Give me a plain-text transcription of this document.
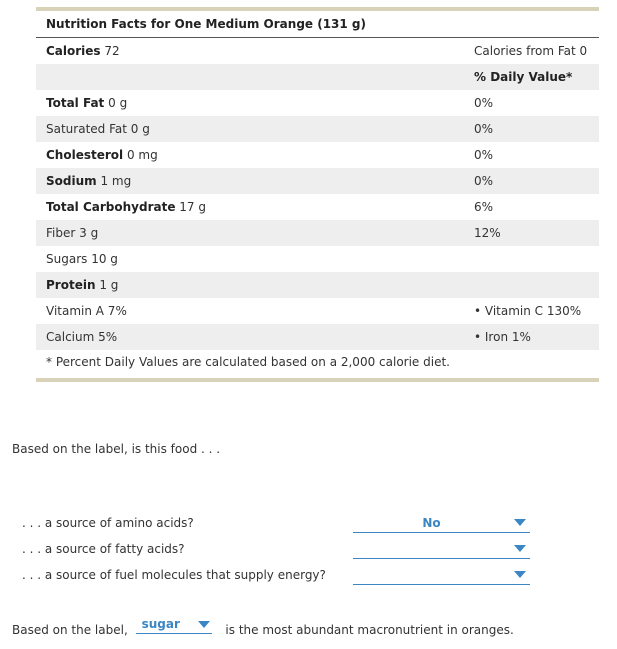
Nutrition Facts for One Medium Orange (131 g)
Calories 72	Calories from Fat 0
% Daily Value*
Total Fat 0 g	0%
Saturated Fat 0 g	0%
Cholesterol 0 mg	0%
Sodium 1 mg	0%
Total Carbohydrate 17 g	6%
Fiber 3 g	12%
Sugars 10 g
Protein 1 g
Vitamin A 7%	• Vitamin C 130%
Calcium 5%	• Iron 1%
* Percent Daily Values are calculated based on a 2,000 calorie diet.
Based on the label, is this food . . .
. . . a source of amino acids?	No
. . . a source of fatty acids?
. . . a source of fuel molecules that supply energy?
Based on the label, sugar	is the most abundant macronutrient in oranges.
